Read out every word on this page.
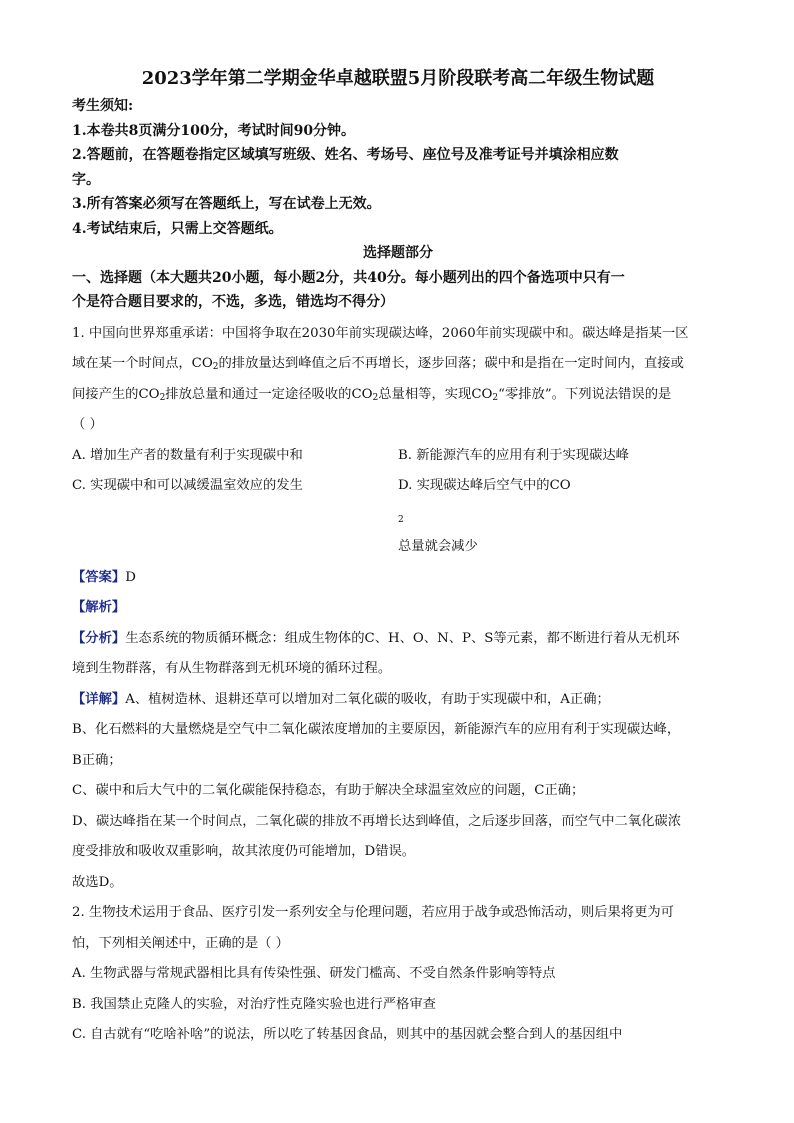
2023学年第二学期金华卓越联盟5月阶段联考高二年级生物试题

考生须知:

1.本卷共8页满分100分，考试时间90分钟。

2.答题前，在答题卷指定区域填写班级、姓名、考场号、座位号及准考证号并填涂相应数

字。

3.所有答案必须写在答题纸上，写在试卷上无效。

4.考试结束后，只需上交答题纸。

选择题部分

一、选择题（本大题共20小题，每小题2分，共40分。每小题列出的四个备选项中只有一

个是符合题目要求的，不选，多选，错选均不得分）

1. 中国向世界郑重承诺：中国将争取在2030年前实现碳达峰，2060年前实现碳中和。碳达峰是指某一区

域在某一个时间点，$CO_2$的排放量达到峰值之后不再增长，逐步回落；碳中和是指在一定时间内，直接或

间接产生的$CO_2$排放总量和通过一定途径吸收的$CO_2$总量相等，实现$CO_2“$零排放”。下列说法错误的是

（ ）

A. 增加生产者的数量有利于实现碳中和	B. 新能源汽车的应用有利于实现碳达峰
C. 实现碳中和可以减缓温室效应的发生	D. 实现碳达峰后空气中的CO
$_2$
总量就会减少

【答案】D

【解析】

【分析】生态系统的物质循环概念：组成生物体的C、H、O、N、P、S等元素，都不断进行着从无机环

境到生物群落，有从生物群落到无机环境的循环过程。

【详解】A、植树造林、退耕还草可以增加对二氧化碳的吸收，有助于实现碳中和，A正确；

B、化石燃料的大量燃烧是空气中二氧化碳浓度增加的主要原因，新能源汽车的应用有利于实现碳达峰，

B正确；

C、碳中和后大气中的二氧化碳能保持稳态，有助于解决全球温室效应的问题，C正确；

D、碳达峰指在某一个时间点，二氧化碳的排放不再增长达到峰值，之后逐步回落，而空气中二氧化碳浓

度受排放和吸收双重影响，故其浓度仍可能增加，D错误。

故选D。

2. 生物技术运用于食品、医疗引发一系列安全与伦理问题，若应用于战争或恐怖活动，则后果将更为可

怕，下列相关阐述中，正确的是（ ）

A. 生物武器与常规武器相比具有传染性强、研发门槛高、不受自然条件影响等特点

B. 我国禁止克隆人的实验，对治疗性克隆实验也进行严格审查

C. 自古就有“吃啥补啥”的说法，所以吃了转基因食品，则其中的基因就会整合到人的基因组中
